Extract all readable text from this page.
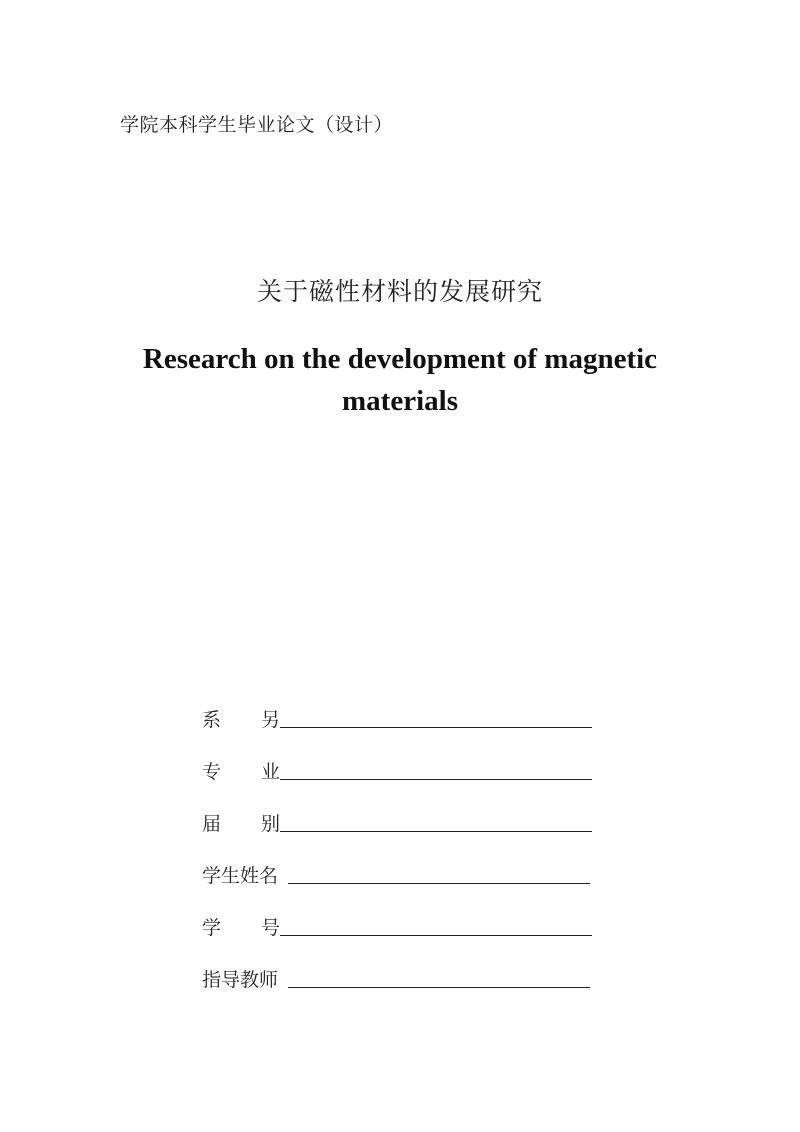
学院本科学生毕业论文（设计）
关于磁性材料的发展研究
Research on the development of magnetic materials
系 另
专 业
届 别
学生姓名
学 号
指导教师
